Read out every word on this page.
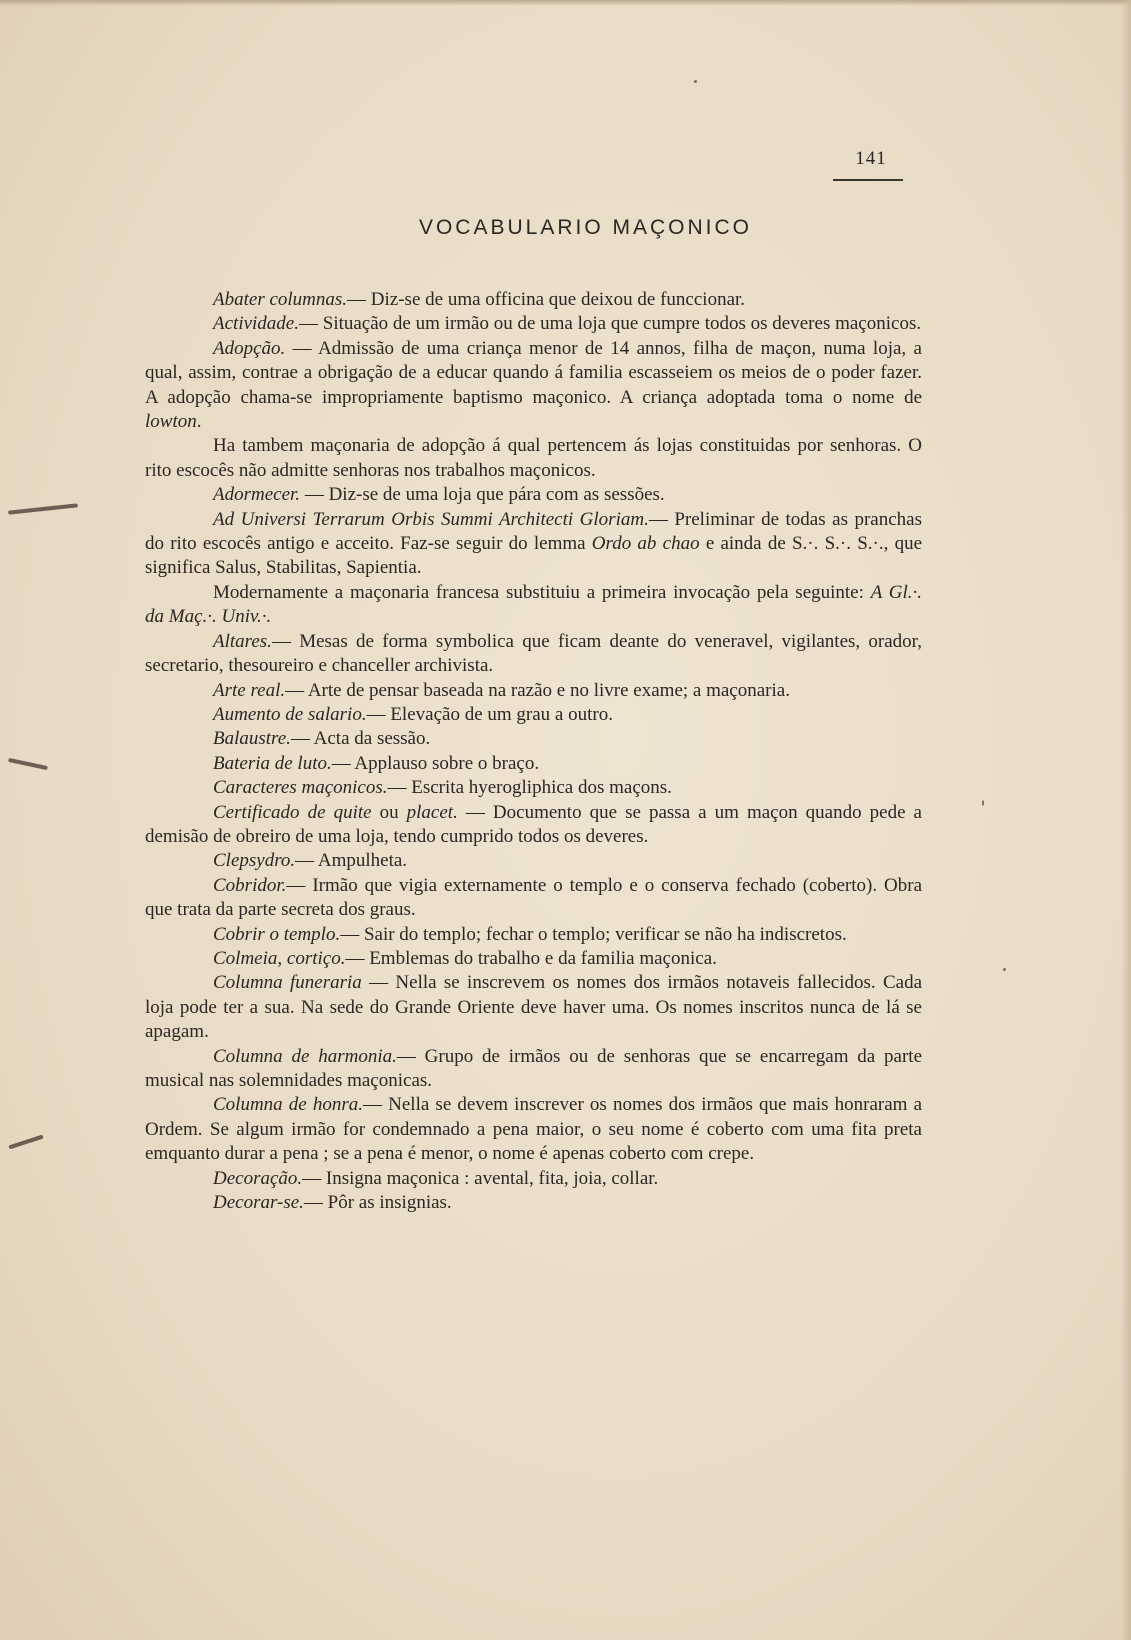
141
VOCABULARIO MAÇONICO

Abater columnas.— Diz-se de uma officina que deixou de funccionar.

Actividade.— Situação de um irmão ou de uma loja que cumpre todos os deveres maçonicos.

Adopção. — Admissão de uma criança menor de 14 annos, filha de maçon, numa loja, a qual, assim, contrae a obrigação de a educar quando á familia escasseiem os meios de o poder fazer. A adopção chama-se impropriamente baptismo maçonico. A criança adoptada toma o nome de lowton.

Ha tambem maçonaria de adopção á qual pertencem ás lojas constituidas por senhoras. O rito escocês não admitte senhoras nos trabalhos maçonicos.

Adormecer. — Diz-se de uma loja que pára com as sessões.

Ad Universi Terrarum Orbis Summi Architecti Gloriam.— Preliminar de todas as pranchas do rito escocês antigo e acceito. Faz-se seguir do lemma Ordo ab chao e ainda de S.·. S.·. S.·., que significa Salus, Stabilitas, Sapientia.

Modernamente a maçonaria francesa substituiu a primeira invocação pela seguinte: A Gl.·. da Maç.·. Univ.·.

Altares.— Mesas de forma symbolica que ficam deante do veneravel, vigilantes, orador, secretario, thesoureiro e chanceller archivista.

Arte real.— Arte de pensar baseada na razão e no livre exame; a maçonaria.

Aumento de salario.— Elevação de um grau a outro.

Balaustre.— Acta da sessão.

Bateria de luto.— Applauso sobre o braço.

Caracteres maçonicos.— Escrita hyerogliphica dos maçons.

Certificado de quite ou placet. — Documento que se passa a um maçon quando pede a demisão de obreiro de uma loja, tendo cumprido todos os deveres.

Clepsydro.— Ampulheta.

Cobridor.— Irmão que vigia externamente o templo e o conserva fechado (coberto). Obra que trata da parte secreta dos graus.

Cobrir o templo.— Sair do templo; fechar o templo; verificar se não ha indiscretos.

Colmeia, cortiço.— Emblemas do trabalho e da familia maçonica.

Columna funeraria — Nella se inscrevem os nomes dos irmãos notaveis fallecidos. Cada loja pode ter a sua. Na sede do Grande Oriente deve haver uma. Os nomes inscritos nunca de lá se apagam.

Columna de harmonia.— Grupo de irmãos ou de senhoras que se encarregam da parte musical nas solemnidades maçonicas.

Columna de honra.— Nella se devem inscrever os nomes dos irmãos que mais honraram a Ordem. Se algum irmão for condemnado a pena maior, o seu nome é coberto com uma fita preta emquanto durar a pena ; se a pena é menor, o nome é apenas coberto com crepe.

Decoração.— Insigna maçonica : avental, fita, joia, collar.

Decorar-se.— Pôr as insignias.
